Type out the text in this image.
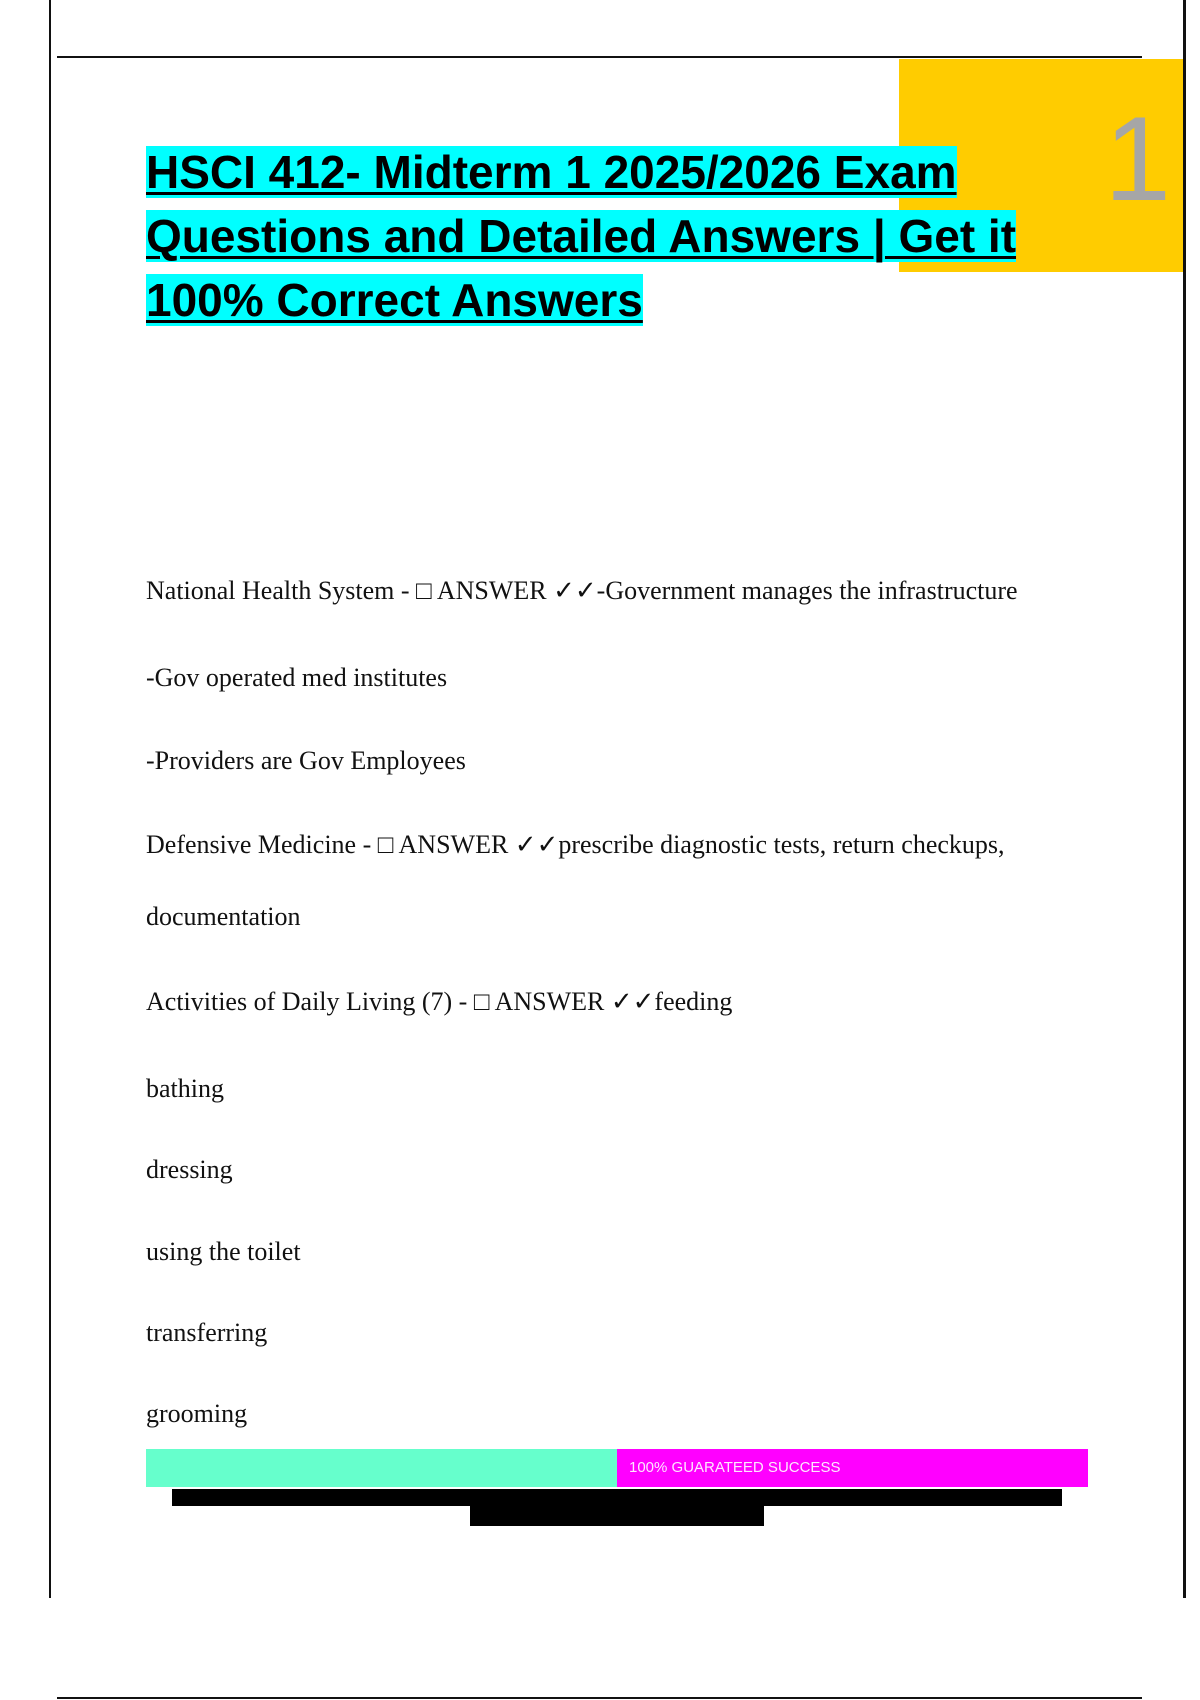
1
HSCI 412- Midterm 1 2025/2026 Exam Questions and Detailed Answers | Get it 100% Correct Answers

National Health System - □ ANSWER ✓✓-Government manages the infrastructure

-Gov operated med institutes

-Providers are Gov Employees

Defensive Medicine - □ ANSWER ✓✓prescribe diagnostic tests, return checkups,

documentation

Activities of Daily Living (7) - □ ANSWER ✓✓feeding

bathing

dressing

using the toilet

transferring

grooming

100% GUARATEED SUCCESS
